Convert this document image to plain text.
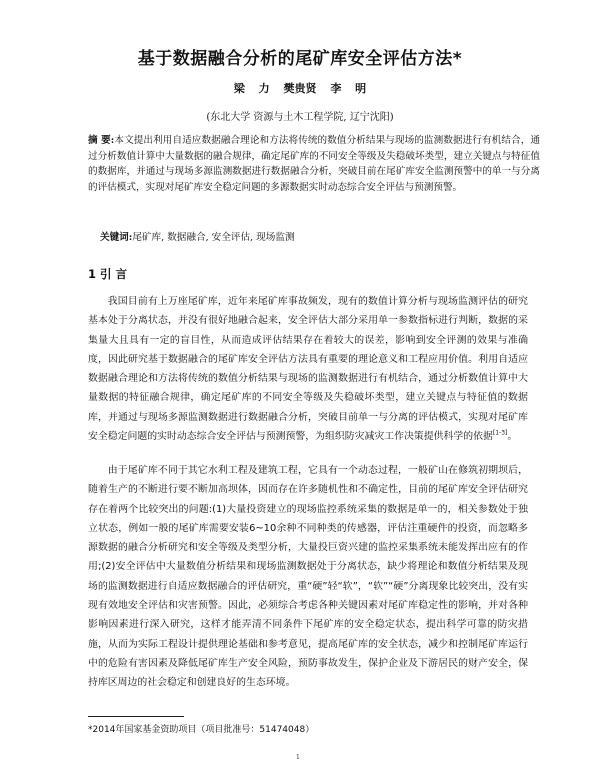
基于数据融合分析的尾矿库安全评估方法*
梁 力 樊贵贤 李 明
(东北大学 资源与土木工程学院, 辽宁沈阳)
摘 要:本文提出利用自适应数据融合理论和方法将传统的数值分析结果与现场的监测数据进行有机结合，通过分析数值计算中大量数据的融合规律，确定尾矿库的不同安全等级及失稳破坏类型，建立关键点与特征值的数据库，并通过与现场多源监测数据进行数据融合分析，突破目前在尾矿库安全监测预警中的单一与分离的评估模式，实现对尾矿库安全稳定问题的多源数据实时动态综合安全评估与预测预警。
关键词:尾矿库, 数据融合, 安全评估, 现场监测
1 引 言
我国目前有上万座尾矿库，近年来尾矿库事故频发，现有的数值计算分析与现场监测评估的研究基本处于分离状态，并没有很好地融合起来，安全评估大部分采用单一参数指标进行判断，数据的采集量大且具有一定的盲目性，从而造成评估结果存在着较大的误差，影响到安全评测的效果与准确度，因此研究基于数据融合的尾矿库安全评估方法具有重要的理论意义和工程应用价值。利用自适应数据融合理论和方法将传统的数值分析结果与现场的监测数据进行有机结合，通过分析数值计算中大量数据的特征融合规律，确定尾矿库的不同安全等级及失稳破坏类型，建立关键点与特征值的数据库，并通过与现场多源监测数据进行数据融合分析，突破目前单一与分离的评估模式，实现对尾矿库安全稳定问题的实时动态综合安全评估与预测预警，为组织防灾减灾工作决策提供科学的依据[1-3]。
由于尾矿库不同于其它水利工程及建筑工程，它具有一个动态过程，一般矿山在修筑初期坝后，随着生产的不断进行要不断加高坝体，因而存在许多随机性和不确定性，目前的尾矿库安全评估研究存在着两个比较突出的问题:(1)大量投资建立的现场监控系统采集的数据是单一的，相关参数处于独立状态，例如一般的尾矿库需要安装6~10余种不同种类的传感器，评估注重硬件的投资，而忽略多源数据的融合分析研究和安全等级及类型分析，大量投巨资兴建的监控采集系统未能发挥出应有的作用;(2)安全评估中大量数值分析结果和现场监测数据处于分离状态，缺少将理论和数值分析结果及现场的监测数据进行自适应数据融合的评估研究，重“硬”轻“软”，“软”“硬”分离现象比较突出，没有实现有效地安全评估和灾害预警。因此，必须综合考虑各种关键因素对尾矿库稳定性的影响，并对各种影响因素进行深入研究，这样才能弄清不同条件下尾矿库的安全稳定状态，提出科学可靠的防灾措施，从而为实际工程设计提供理论基础和参考意见，提高尾矿库的安全状态，减少和控制尾矿库运行中的危险有害因素及降低尾矿库生产安全风险，预防事故发生，保护企业及下游居民的财产安全，保持库区周边的社会稳定和创建良好的生态环境。
*2014年国家基金资助项目（项目批准号：51474048）
1
